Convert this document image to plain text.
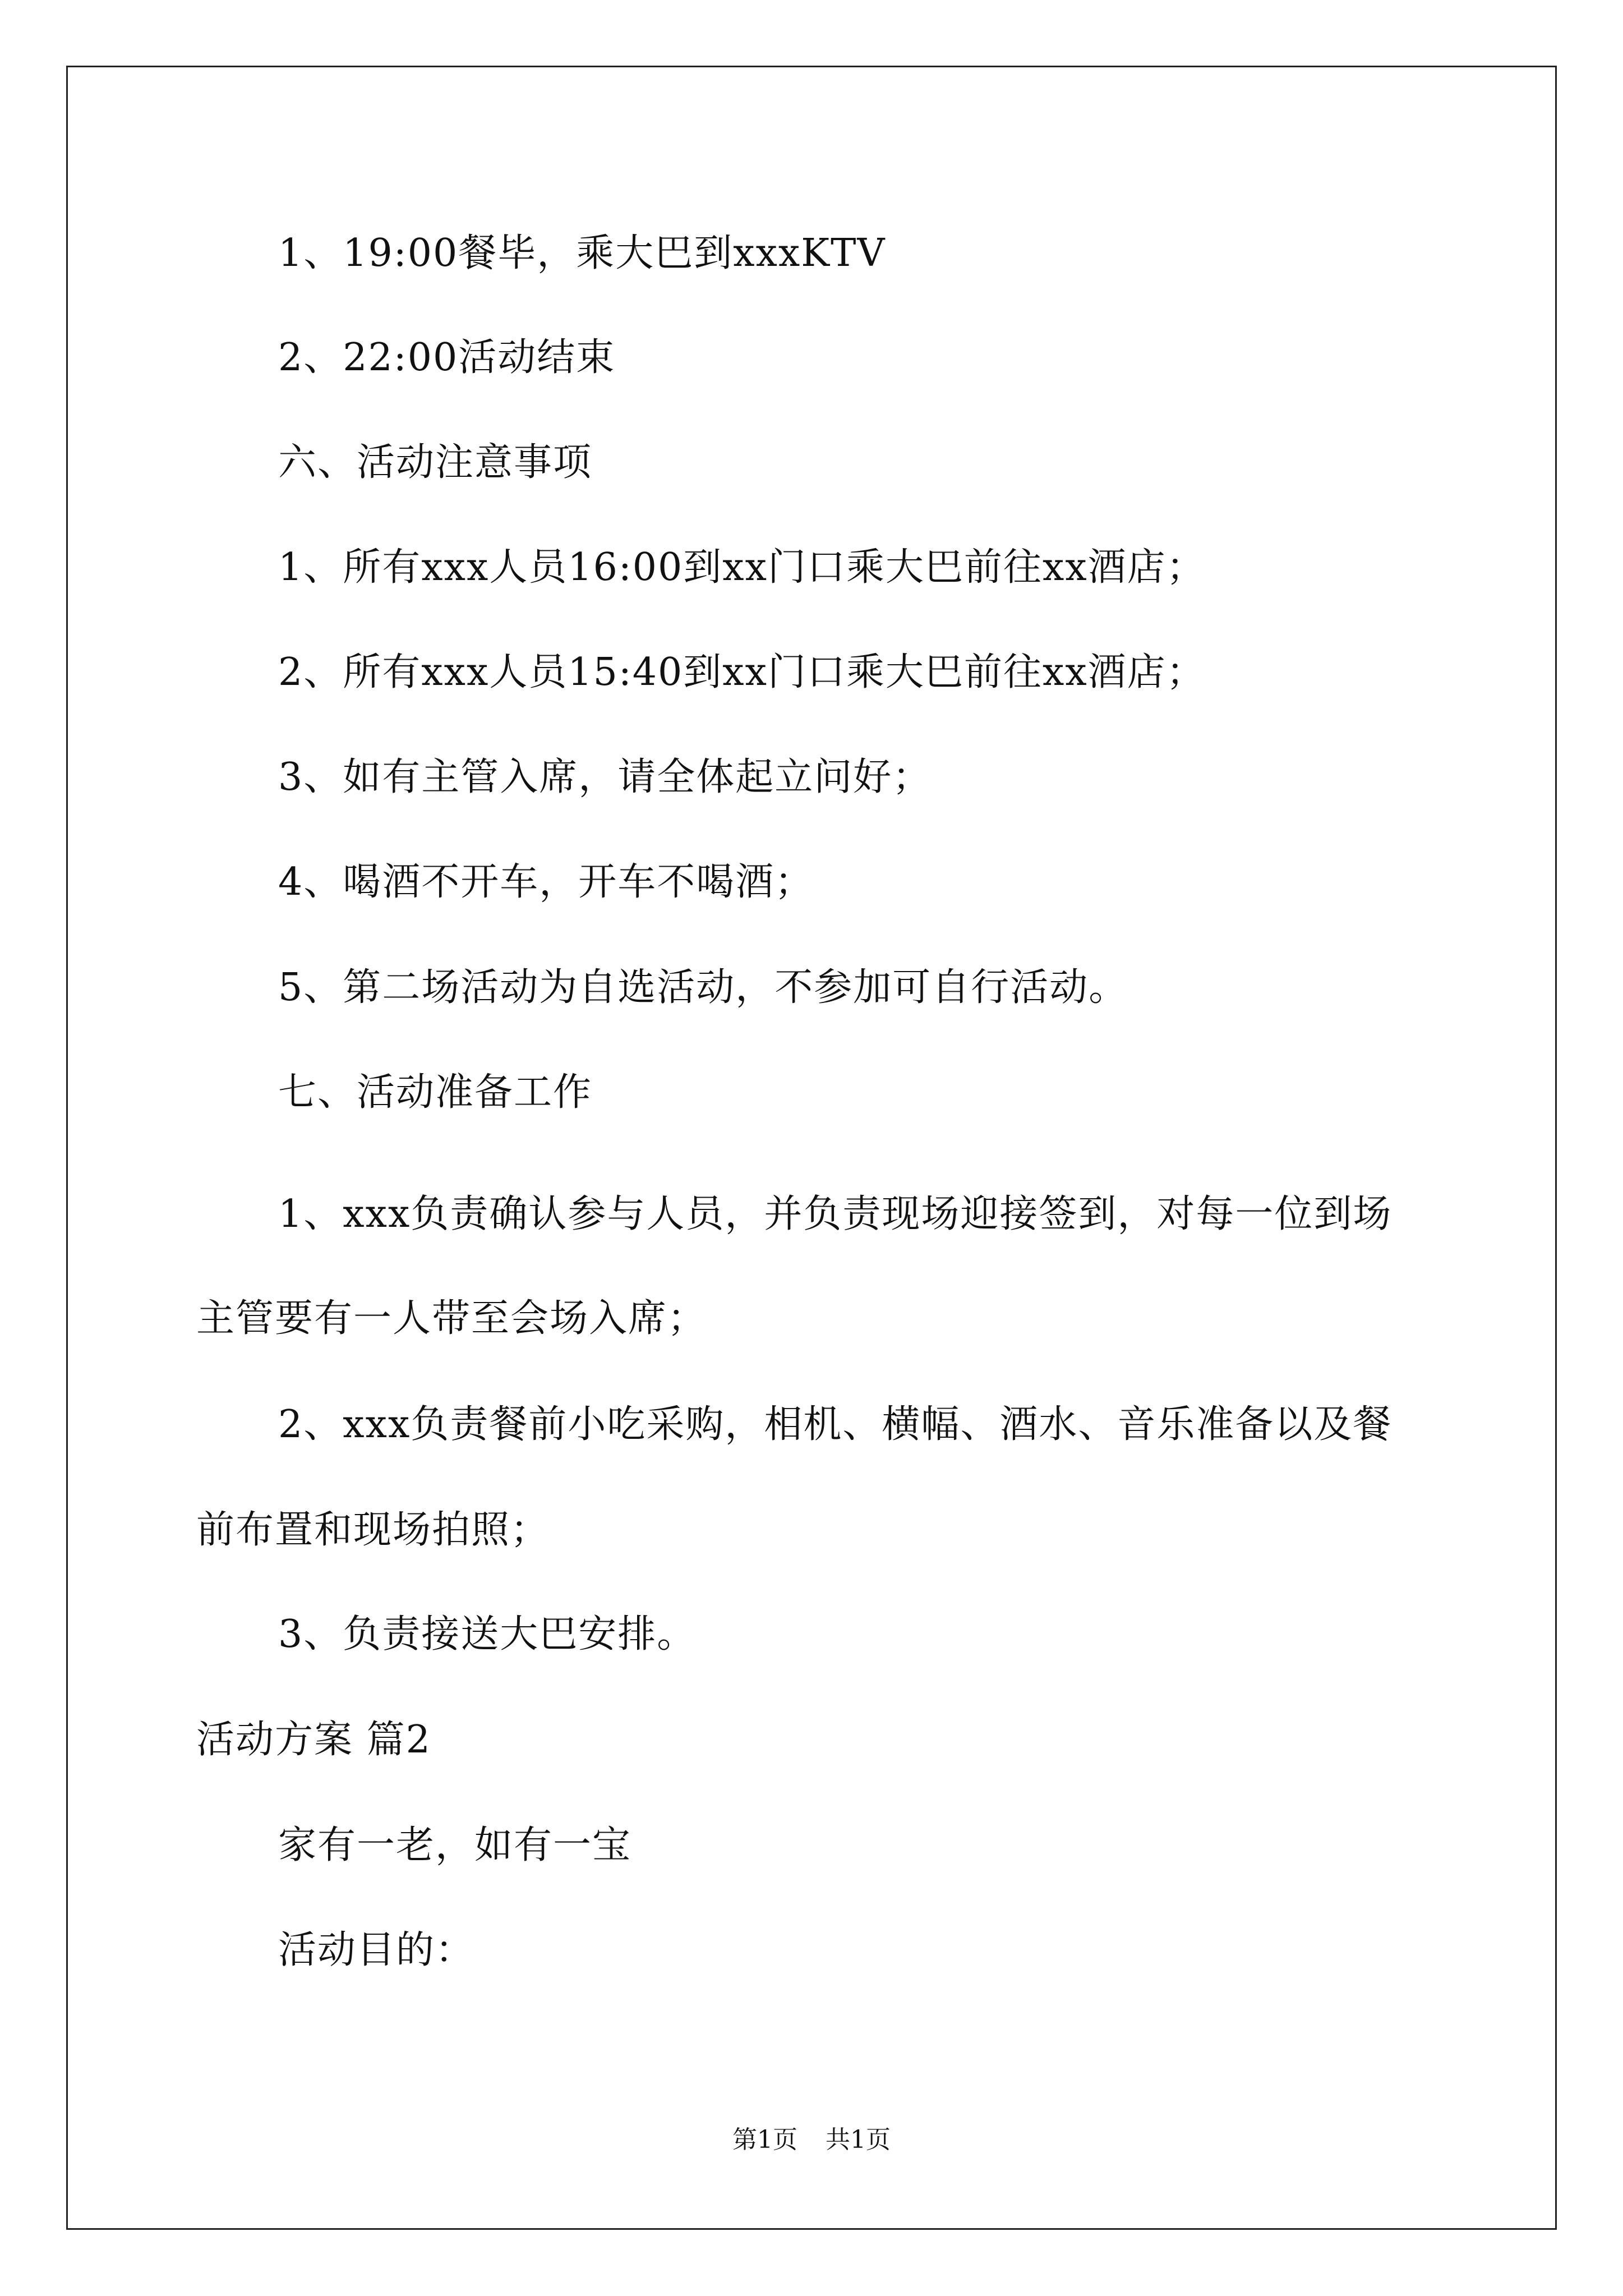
1、19:00餐毕，乘大巴到xxxKTV
2、22:00活动结束
六、活动注意事项
1、所有xxx人员16:00到xx门口乘大巴前往xx酒店；
2、所有xxx人员15:40到xx门口乘大巴前往xx酒店；
3、如有主管入席，请全体起立问好；
4、喝酒不开车，开车不喝酒；
5、第二场活动为自选活动，不参加可自行活动。
七、活动准备工作
1、xxx负责确认参与人员，并负责现场迎接签到，对每一位到场
主管要有一人带至会场入席；
2、xxx负责餐前小吃采购，相机、横幅、酒水、音乐准备以及餐
前布置和现场拍照；
3、负责接送大巴安排。
活动方案 篇2
家有一老，如有一宝
活动目的：
第1页 共1页
